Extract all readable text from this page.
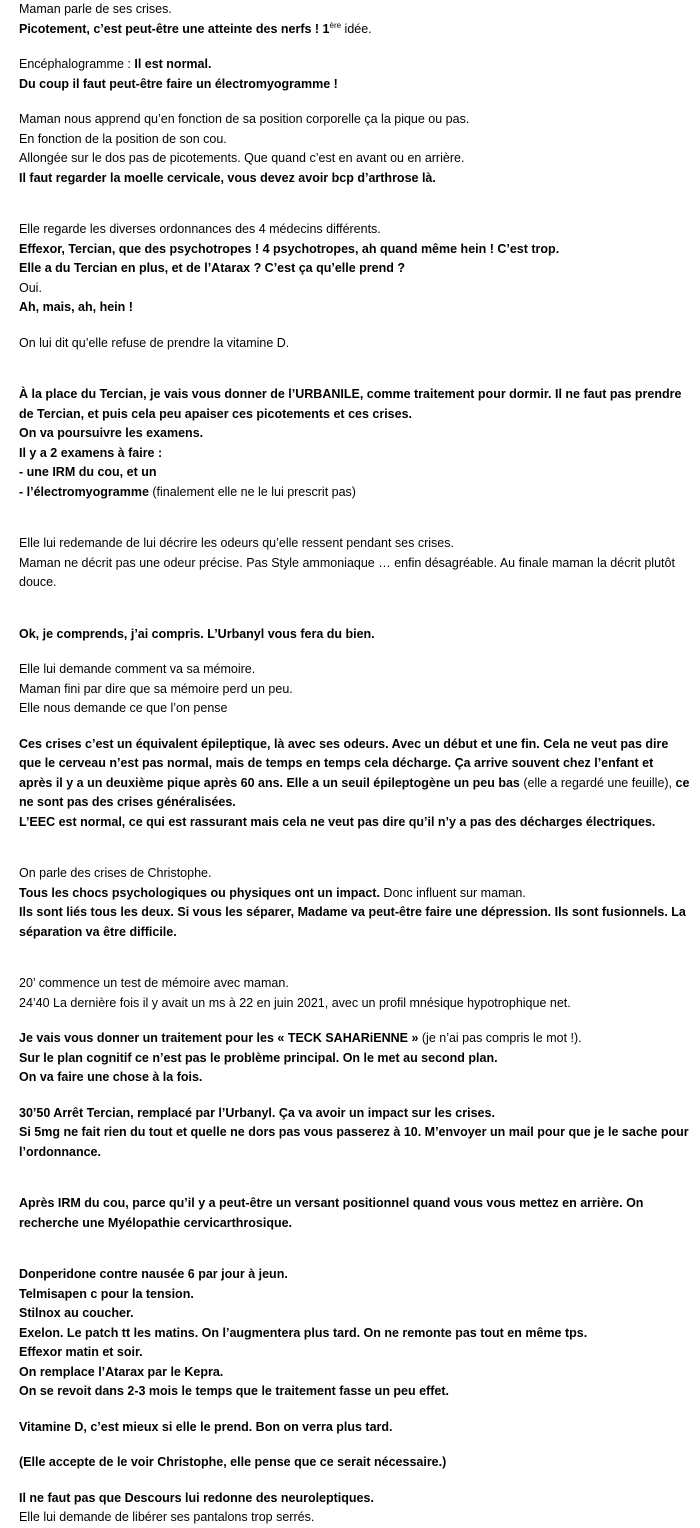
Maman parle de ses crises.
Picotement, c’est peut-être une atteinte des nerfs ! 1ère idée.
Encéphalogramme : Il est normal.
Du coup il faut peut-être faire un électromyogramme !
Maman nous apprend qu’en fonction de sa position corporelle ça la pique ou pas.
En fonction de la position de son cou.
Allongée sur le dos pas de picotements. Que quand c’est en avant ou en arrière.
Il faut regarder la moelle cervicale, vous devez avoir bcp d’arthrose là.
Elle regarde les diverses ordonnances des 4 médecins différents.
Effexor, Tercian, que des psychotropes ! 4 psychotropes, ah quand même hein ! C’est trop.
Elle a du Tercian en plus, et de l’Atarax ? C’est ça qu’elle prend ?
Oui.
Ah, mais, ah, hein !
On lui dit qu’elle refuse de prendre la vitamine D.
À la place du Tercian, je vais vous donner de l’URBANILE, comme traitement pour dormir. Il ne faut pas prendre de Tercian, et puis cela peu apaiser ces picotements et ces crises.
On va poursuivre les examens.
Il y a 2 examens à faire :
- une IRM du cou, et un
- l’électromyogramme (finalement elle ne le lui prescrit pas)
Elle lui redemande de lui décrire les odeurs qu’elle ressent pendant ses crises.
Maman ne décrit pas une odeur précise. Pas Style ammoniaque … enfin désagréable. Au finale maman la décrit plutôt douce.
Ok, je comprends, j’ai compris. L’Urbanyl vous fera du bien.
Elle lui demande comment va sa mémoire.
Maman fini par dire que sa mémoire perd un peu.
Elle nous demande ce que l’on pense
Ces crises c’est un équivalent épileptique, là avec ses odeurs. Avec un début et une fin. Cela ne veut pas dire que le cerveau n’est pas normal, mais de temps en temps cela décharge. Ça arrive souvent chez l’enfant et après il y a un deuxième pique après 60 ans. Elle a un seuil épileptogène un peu bas (elle a regardé une feuille), ce ne sont pas des crises généralisées.
L’EEC est normal, ce qui est rassurant mais cela ne veut pas dire qu’il n’y a pas des décharges électriques.
On parle des crises de Christophe.
Tous les chocs psychologiques ou physiques ont un impact. Donc influent sur maman.
Ils sont liés tous les deux. Si vous les séparer, Madame va peut-être faire une dépression. Ils sont fusionnels. La séparation va être difficile.
20’ commence un test de mémoire avec maman.
24’40 La dernière fois il y avait un ms à 22 en juin 2021, avec un profil mnésique hypotrophique net.
Je vais vous donner un traitement pour les « TECK SAHARiENNE » (je n’ai pas compris le mot !).
Sur le plan cognitif ce n’est pas le problème principal. On le met au second plan.
On va faire une chose à la fois.
30’50 Arrêt Tercian, remplacé par l’Urbanyl. Ça va avoir un impact sur les crises.
Si 5mg ne fait rien du tout et quelle ne dors pas vous passerez à 10. M’envoyer un mail pour que je le sache pour l’ordonnance.
Après IRM du cou, parce qu’il y a peut-être un versant positionnel quand vous vous mettez en arrière. On recherche une Myélopathie cervicarthrosique.
Donperidone contre nausée 6 par jour à jeun.
Telmisapen c pour la tension.
Stilnox au coucher.
Exelon. Le patch tt les matins. On l’augmentera plus tard. On ne remonte pas tout en même tps.
Effexor matin et soir.
On remplace l’Atarax par le Kepra.
On se revoit dans 2-3 mois le temps que le traitement fasse un peu effet.
Vitamine D, c’est mieux si elle le prend. Bon on verra plus tard.
(Elle accepte de le voir Christophe, elle pense que ce serait nécessaire.)
Il ne faut pas que Descours lui redonne des neuroleptiques.
Elle lui demande de libérer ses pantalons trop serrés.
